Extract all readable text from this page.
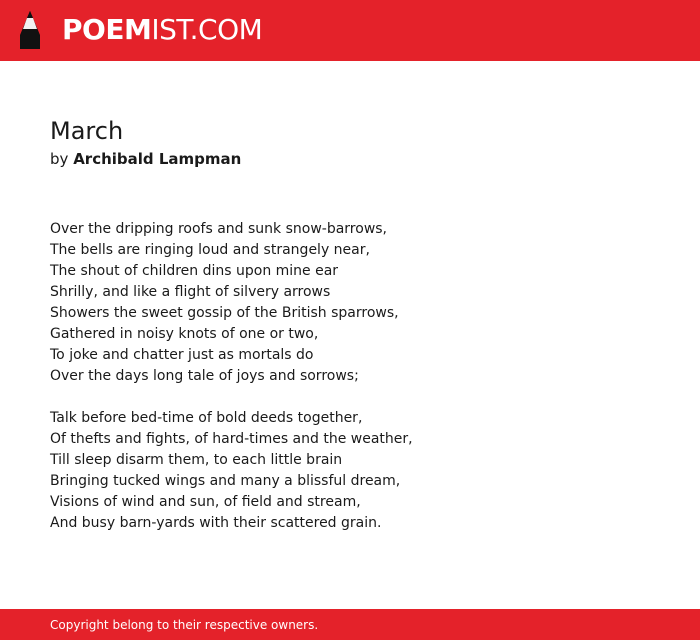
POEMIST.COM
March
by Archibald Lampman
Over the dripping roofs and sunk snow-barrows,
The bells are ringing loud and strangely near,
The shout of children dins upon mine ear
Shrilly, and like a flight of silvery arrows
Showers the sweet gossip of the British sparrows,
Gathered in noisy knots of one or two,
To joke and chatter just as mortals do
Over the days long tale of joys and sorrows;
Talk before bed-time of bold deeds together,
Of thefts and fights, of hard-times and the weather,
Till sleep disarm them, to each little brain
Bringing tucked wings and many a blissful dream,
Visions of wind and sun, of field and stream,
And busy barn-yards with their scattered grain.
Copyright belong to their respective owners.
